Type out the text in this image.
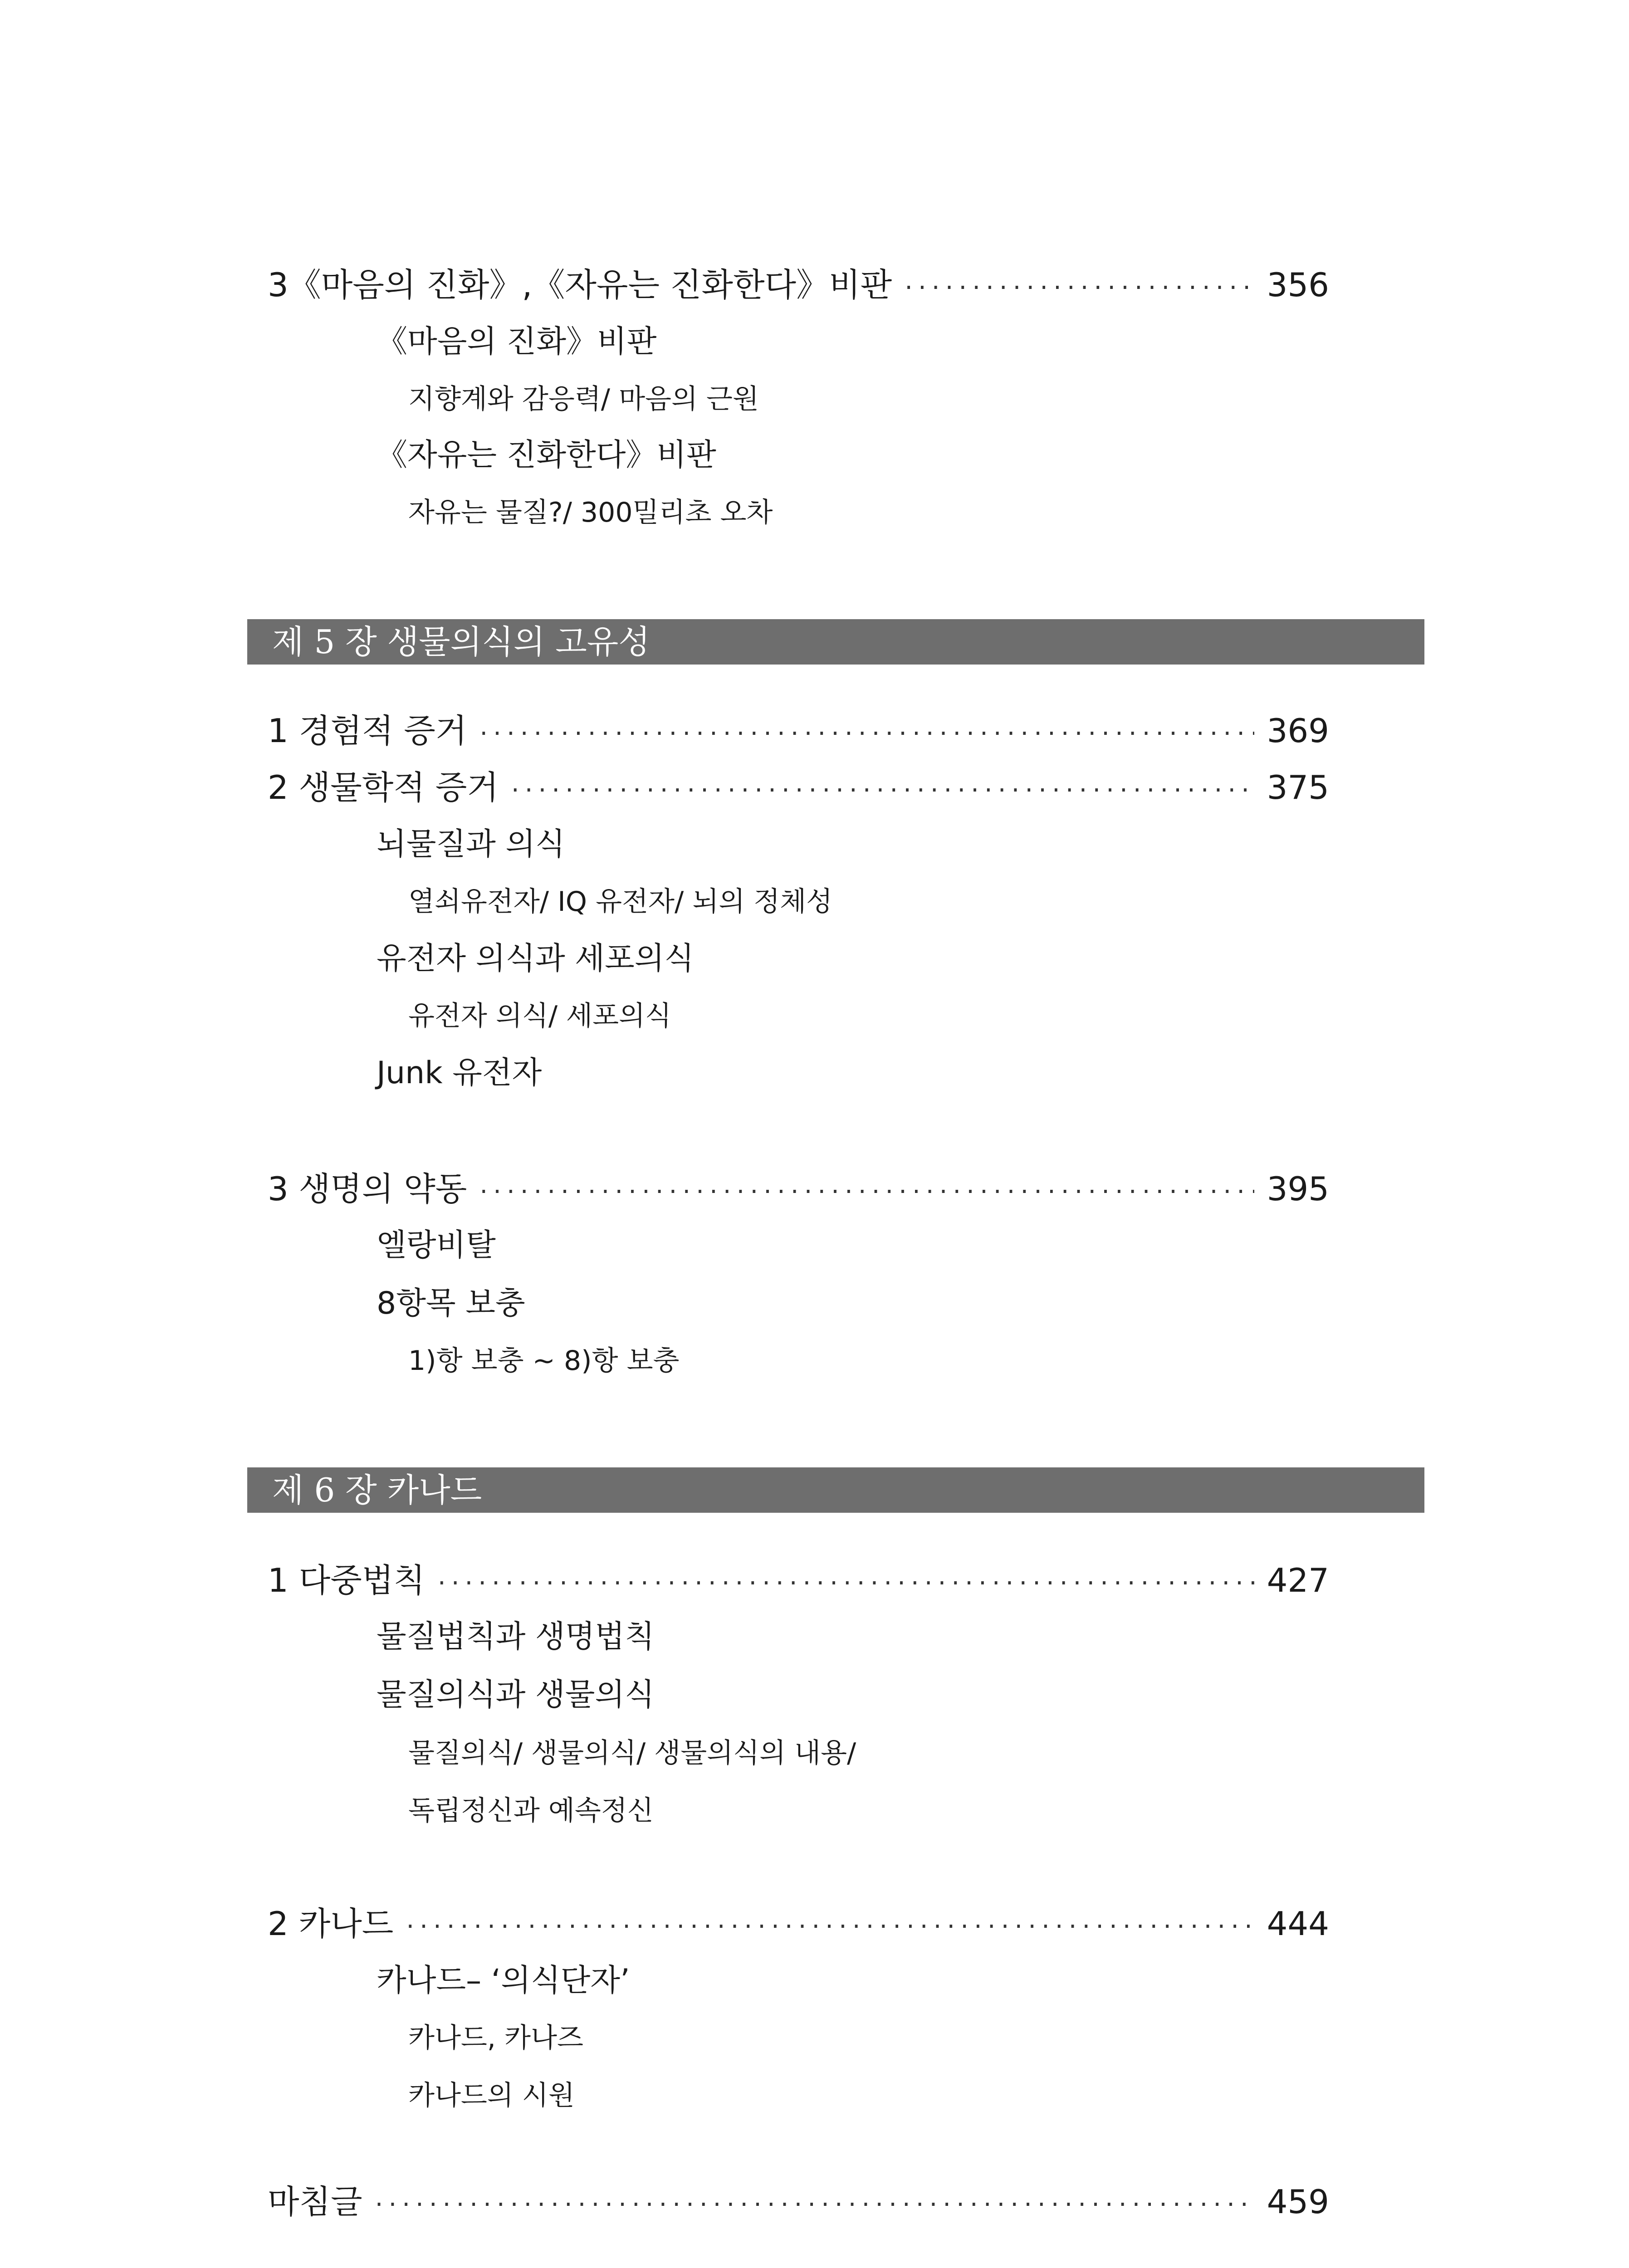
3《마음의 진화》,《자유는 진화한다》비판 ·····	356
《마음의 진화》비판
지향계와 감응력/ 마음의 근원
《자유는 진화한다》비판
자유는 물질?/ 300밀리초 오차
제 5 장 생물의식의 고유성
1 경험적 증거 ·····	369
2 생물학적 증거 ·····	375
뇌물질과 의식
열쇠유전자/ IQ 유전자/ 뇌의 정체성
유전자 의식과 세포의식
유전자 의식/ 세포의식
Junk 유전자
3 생명의 약동 ·····	395
엘랑비탈
8항목 보충
1)항 보충 ~ 8)항 보충
제 6 장 카나드
1 다중법칙 ·····	427
물질법칙과 생명법칙
물질의식과 생물의식
물질의식/ 생물의식/ 생물의식의 내용/
독립정신과 예속정신
2 카나드 ·····	444
카나드– ‘의식단자’
카나드, 카나즈
카나드의 시원
마침글 ·····	459
